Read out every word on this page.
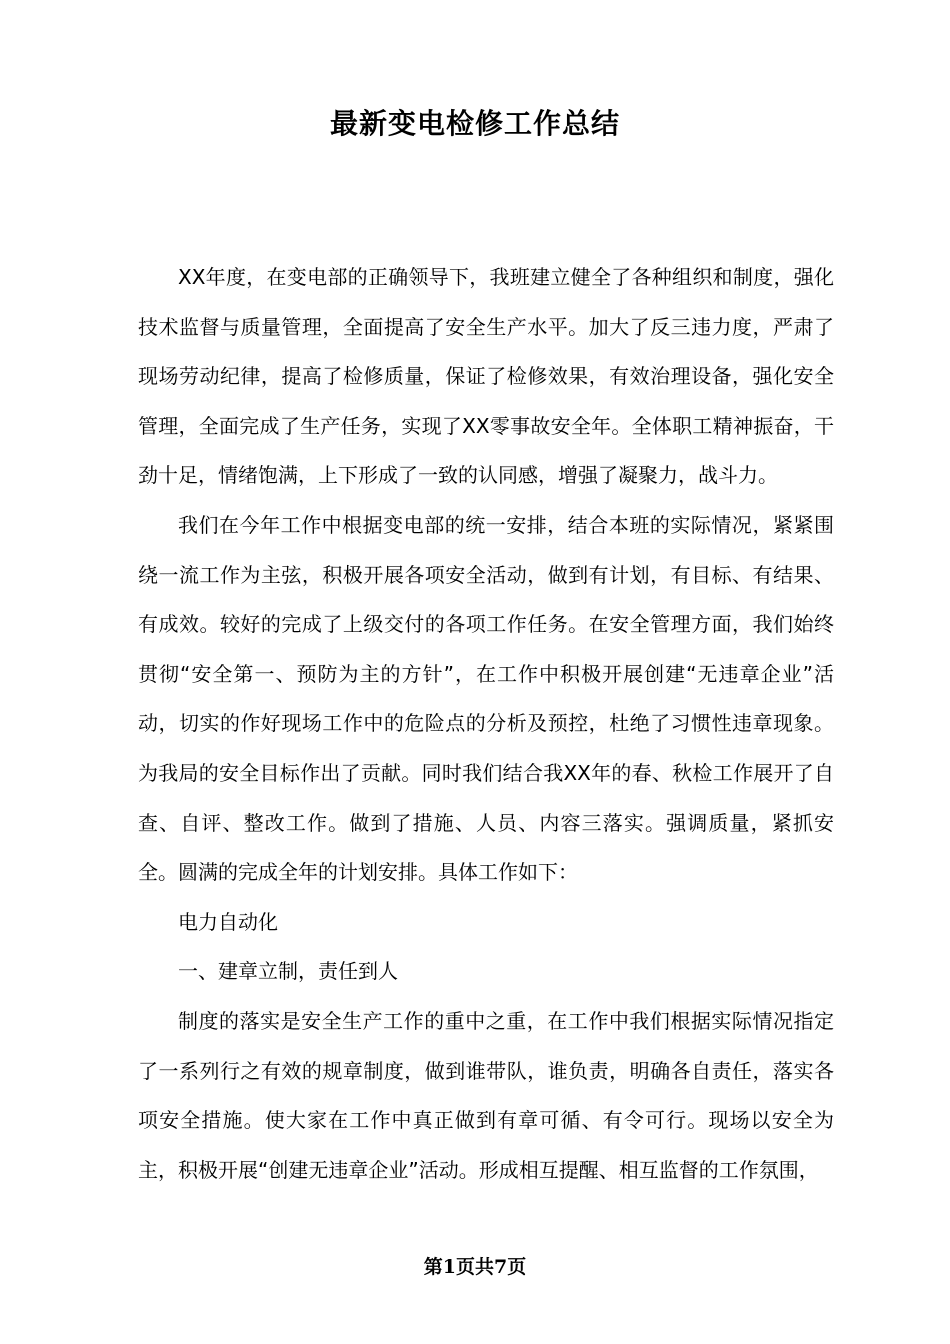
最新变电检修工作总结

XX年度，在变电部的正确领导下，我班建立健全了各种组织和制度，强化技术监督与质量管理，全面提高了安全生产水平。加大了反三违力度，严肃了现场劳动纪律，提高了检修质量，保证了检修效果，有效治理设备，强化安全管理，全面完成了生产任务，实现了XX零事故安全年。全体职工精神振奋，干劲十足，情绪饱满，上下形成了一致的认同感，增强了凝聚力，战斗力。

我们在今年工作中根据变电部的统一安排，结合本班的实际情况，紧紧围绕一流工作为主弦，积极开展各项安全活动，做到有计划，有目标、有结果、有成效。较好的完成了上级交付的各项工作任务。在安全管理方面，我们始终贯彻“安全第一、预防为主的方针”，在工作中积极开展创建“无违章企业”活动，切实的作好现场工作中的危险点的分析及预控，杜绝了习惯性违章现象。为我局的安全目标作出了贡献。同时我们结合我XX年的春、秋检工作展开了自查、自评、整改工作。做到了措施、人员、内容三落实。强调质量，紧抓安全。圆满的完成全年的计划安排。具体工作如下：

电力自动化

一、建章立制，责任到人

制度的落实是安全生产工作的重中之重，在工作中我们根据实际情况指定了一系列行之有效的规章制度，做到谁带队，谁负责，明确各自责任，落实各项安全措施。使大家在工作中真正做到有章可循、有令可行。现场以安全为主，积极开展“创建无违章企业”活动。形成相互提醒、相互监督的工作氛围，

第1页共7页
